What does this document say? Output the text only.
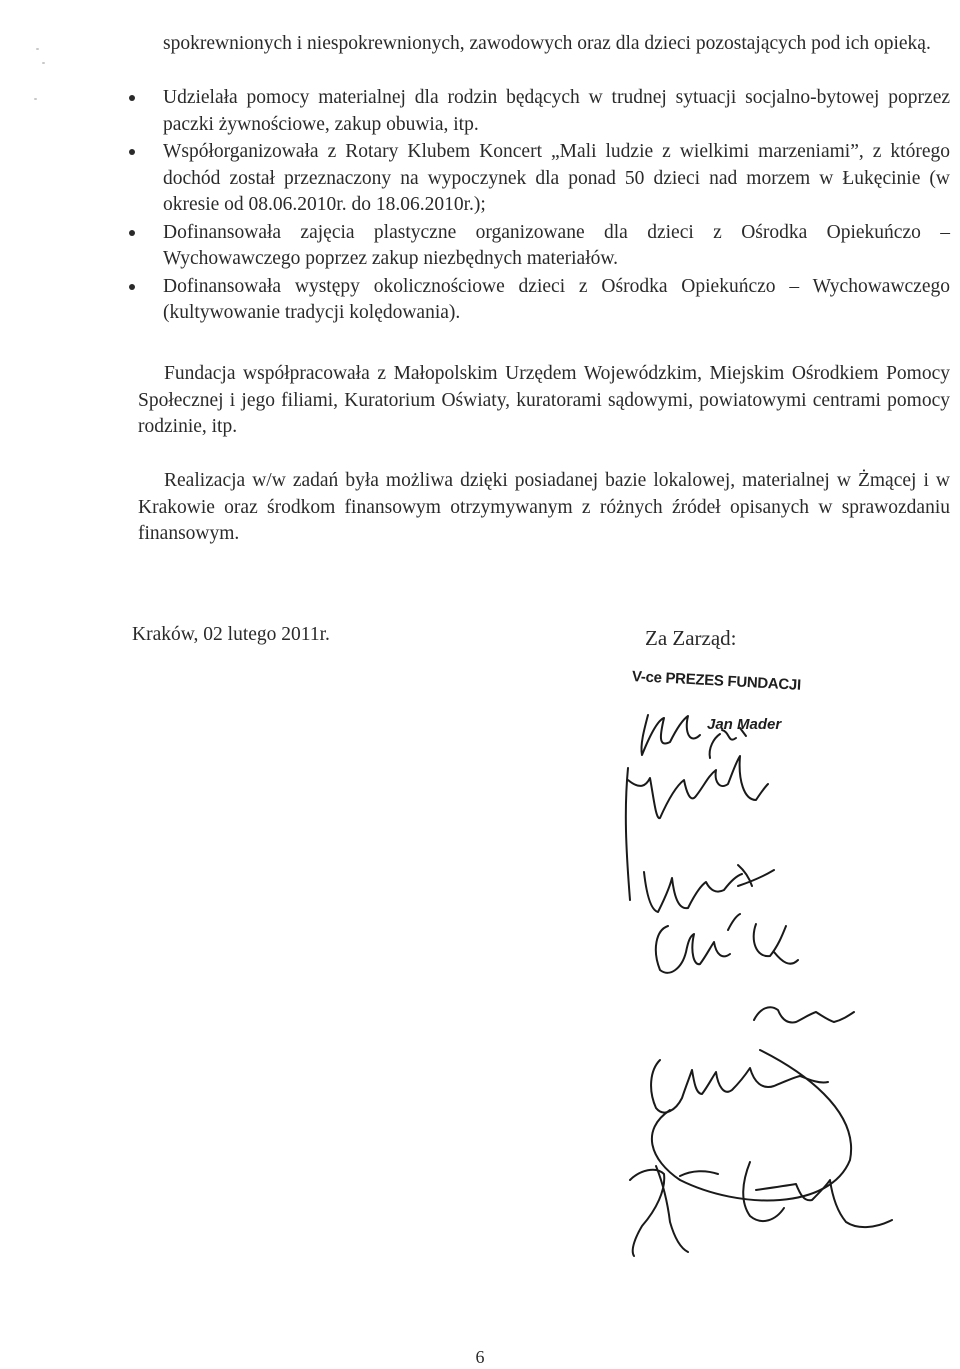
spokrewnionych i niespokrewnionych, zawodowych oraz dla dzieci pozostających pod ich opieką.
Udzielała pomocy materialnej dla rodzin będących w trudnej sytuacji socjalno-bytowej poprzez paczki żywnościowe, zakup obuwia, itp.
Współorganizowała z Rotary Klubem Koncert „Mali ludzie z wielkimi marzeniami”, z którego dochód został przeznaczony na wypoczynek dla ponad 50 dzieci nad morzem w Łukęcinie (w okresie od 08.06.2010r. do 18.06.2010r.);
Dofinansowała zajęcia plastyczne organizowane dla dzieci z Ośrodka Opiekuńczo – Wychowawczego poprzez zakup niezbędnych materiałów.
Dofinansowała występy okolicznościowe dzieci z Ośrodka Opiekuńczo – Wychowawczego (kultywowanie tradycji kolędowania).
Fundacja współpracowała z Małopolskim Urzędem Wojewódzkim, Miejskim Ośrodkiem Pomocy Społecznej i jego filiami, Kuratorium Oświaty, kuratorami sądowymi, powiatowymi centrami pomocy rodzinie, itp.
Realizacja w/w zadań była możliwa dzięki posiadanej bazie lokalowej, materialnej w Żmącej i w Krakowie oraz środkom finansowym otrzymywanym z różnych źródeł opisanych w sprawozdaniu finansowym.
Kraków, 02 lutego 2011r.	Za Zarząd:
V-ce PREZES FUNDACJI
Jan Mader
6
